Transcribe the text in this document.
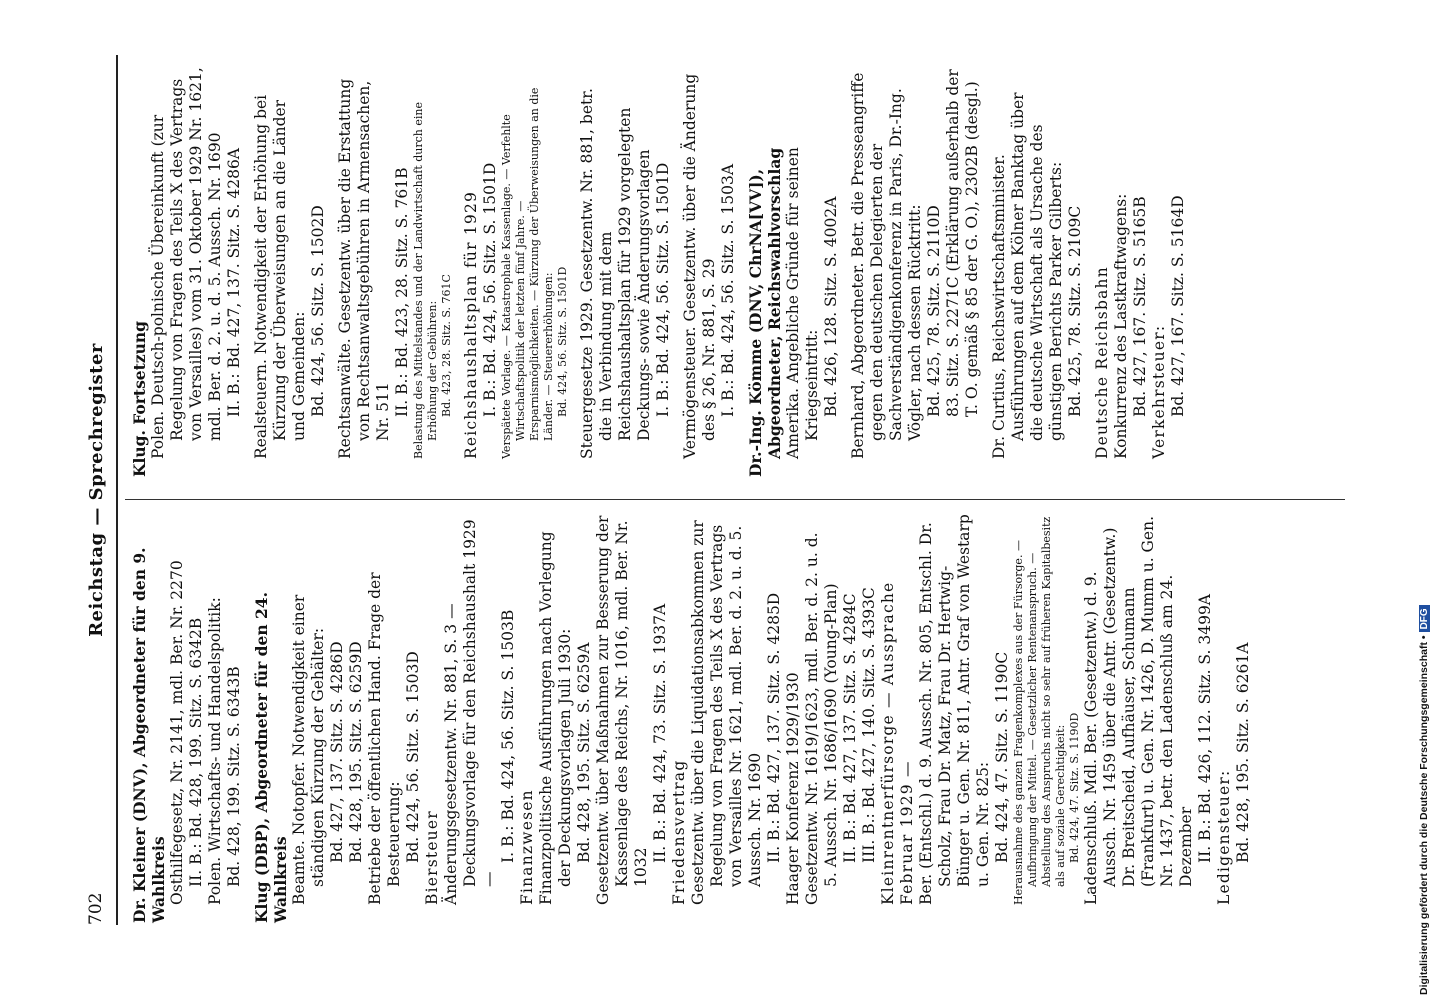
702
Reichstag — Sprechregister
Dr. Kleiner (DNV), Abgeordneter für den 9. Wahlkreis Osthilfegesetz, Nr. 2141, mdl. Ber. Nr. 2270 II. B.: Bd. 428, 199. Sitz. S. 6342B Polen. Wirtschafts- und Handelspolitik: Bd. 428, 199. Sitz. S. 6343B Klug (DBP), Abgeordneter für den 24. Wahlkreis Beamte. Notopfer. Notwendigkeit einer ständigen Kürzung der Gehälter: Bd. 427, 137. Sitz. S. 4286D Bd. 428, 195. Sitz. S. 6259D Betriebe der öffentlichen Hand. Frage der Besteuerung: Bd. 424, 56. Sitz. S. 1503D Biersteuer Änderungsgesetzentw. Nr. 881, S. 3 — Deckungsvorlage für den Reichshaushalt 1929 —
I. B.: Bd. 424, 56. Sitz. S. 1503B Finanzwesen Finanzpolitische Ausführungen nach Vorlegung der Deckungsvorlagen Juli 1930: Bd. 428, 195. Sitz. S. 6259A Gesetzentw. über Maßnahmen zur Besserung der Kassenlage des Reichs, Nr. 1016, mdl. Ber. Nr. 1032
II. B.: Bd. 424, 73. Sitz. S. 1937A Friedensvertrag Gesetzentw. über die Liquidationsabkommen zur Regelung von Fragen des Teils X des Vertrags von Versailles Nr. 1621, mdl. Ber. d. 2. u. d. 5. Aussch. Nr. 1690 II. B.: Bd. 427, 137. Sitz. S. 4285D Haager Konferenz 1929/1930 Gesetzentw. Nr. 1619/1623, mdl. Ber. d. 2. u. d. 5. Aussch. Nr. 1686/1690 (Young-Plan) II. B.: Bd. 427, 137. Sitz. S. 4284C III. B.: Bd. 427, 140. Sitz. S. 4393C Kleinrentnerfürsorge — Aussprache Februar 1929 — Ber. (Entschl.) d. 9. Aussch. Nr. 805, Entschl. Dr. Scholz, Frau Dr. Matz, Frau Dr. Hertwig-Bünger u. Gen. Nr. 811, Antr. Graf von Westarp u. Gen. Nr. 825: Bd. 424, 47. Sitz. S. 1190C Herausnahme des ganzen Fragenkomplexes aus der Fürsorge. — Aufbringung der Mittel. — Gesetzlicher Rentenanspruch. — Abstellung des Anspruchs nicht so sehr auf früheren Kapitalbesitz als auf soziale Gerechtigkeit: Bd. 424, 47. Sitz. S. 1190D Ladenschluß. Mdl. Ber. (Gesetzentw.) d. 9. Aussch. Nr. 1459 über die Antr. (Gesetzentw.) Dr. Breitscheid, Aufhäuser, Schumann (Frankfurt) u. Gen. Nr. 1426, D. Mumm u. Gen. Nr. 1437, betr. den Ladenschluß am 24. Dezember II. B.: Bd. 426, 112. Sitz. S. 3499A Ledigensteuer: Bd. 428, 195. Sitz. S. 6261A
Klug. Fortsetzung Polen. Deutsch-polnische Übereinkunft (zur Regelung von Fragen des Teils X des Vertrags von Versailles) vom 31. Oktober 1929 Nr. 1621, mdl. Ber. d. 2. u. d. 5. Aussch. Nr. 1690 II. B.: Bd. 427, 137. Sitz. S. 4286A Realsteuern. Notwendigkeit der Erhöhung bei Kürzung der Überweisungen an die Länder und Gemeinden: Bd. 424, 56. Sitz. S. 1502D Rechtsanwälte. Gesetzentw. über die Erstattung von Rechtsanwaltsgebühren in Armensachen, Nr. 511 II. B.: Bd. 423, 28. Sitz. S. 761B Belastung des Mittelstandes und der Landwirtschaft durch eine Erhöhung der Gebühren: Bd. 423, 28. Sitz. S. 761C Reichshaushaltsplan für 1929 I. B.: Bd. 424, 56. Sitz. S. 1501D Verspätete Vorlage. — Katastrophale Kassenlage. — Verfehlte Wirtschaftspolitik der letzten fünf Jahre. — Ersparnismöglichkeiten. — Kürzung der Überweisungen an die Länder. — Steuererhöhungen: Bd. 424, 56. Sitz. S. 1501D Steuergesetze 1929. Gesetzentw. Nr. 881, betr. die in Verbindung mit dem Reichshaushaltsplan für 1929 vorgelegten Deckungs- sowie Änderungsvorlagen I. B.: Bd. 424, 56. Sitz. S. 1501D Vermögensteuer. Gesetzentw. über die Änderung des § 26, Nr. 881, S. 29 I. B.: Bd. 424, 56. Sitz. S. 1503A Dr.-Ing. Kömme (DNV, ChrNA[VV]), Abgeordneter, Reichswahlvorschlag Amerika. Angebliche Gründe für seinen Kriegseintritt: Bd. 426, 128. Sitz. S. 4002A Bernhard, Abgeordneter. Betr. die Presseangriffe gegen den deutschen Delegierten der Sachverständigenkonferenz in Paris, Dr.-Ing. Vögler, nach dessen Rücktritt: Bd. 425, 78. Sitz. S. 2110D 83. Sitz. S. 2271C (Erklärung außerhalb der T. O. gemäß § 85 der G. O.), 2302B (desgl.) Dr. Curtius, Reichswirtschaftsminister. Ausführungen auf dem Kölner Banktag über die deutsche Wirtschaft als Ursache des günstigen Berichts Parker Gilberts: Bd. 425, 78. Sitz. S. 2109C Deutsche Reichsbahn Konkurrenz des Lastkraftwagens: Bd. 427, 167. Sitz. S. 5165B Verkehrsteuer: Bd. 427, 167. Sitz. S. 5164D
Digitalisierung gefördert durch die Deutsche Forschungsgemeinschaft •DFG
